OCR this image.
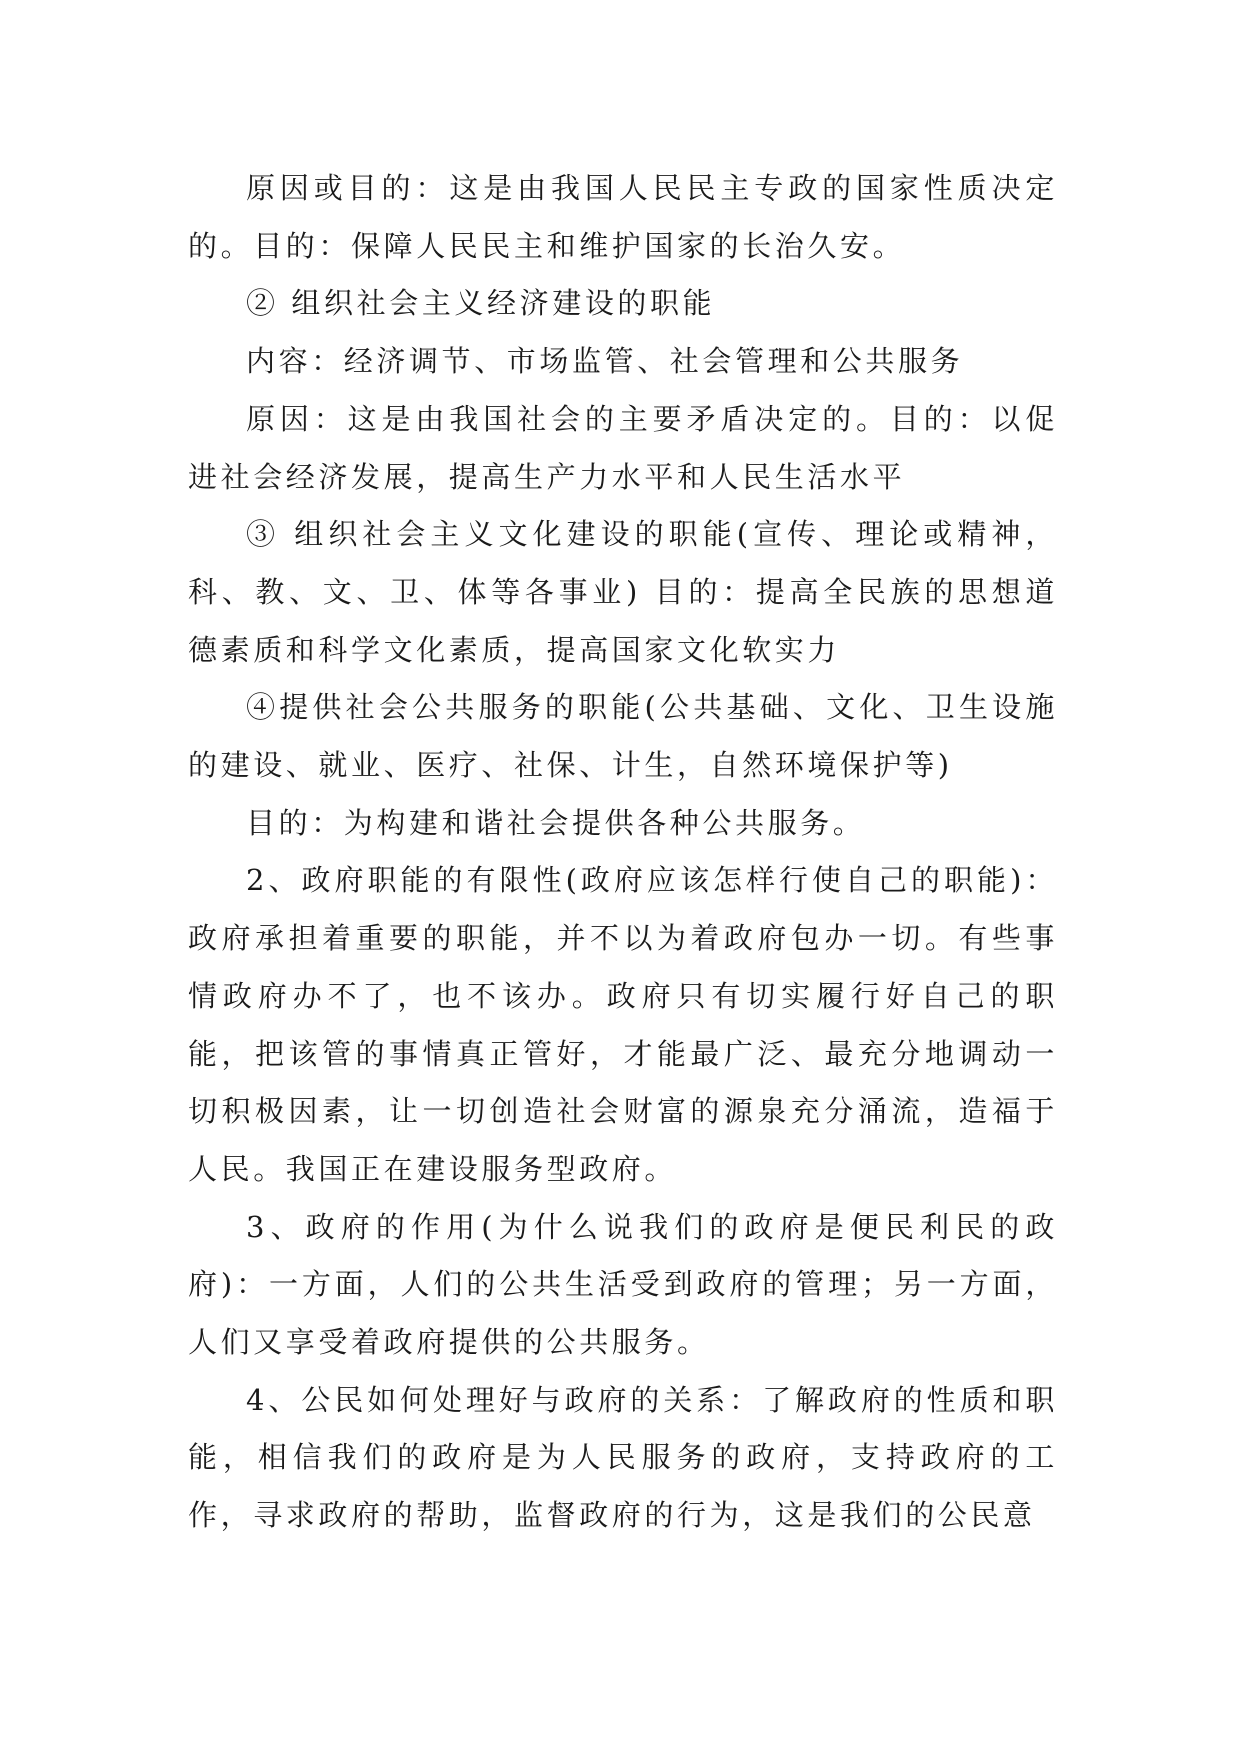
原因或目的：这是由我国人民民主专政的国家性质决定的。目的：保障人民民主和维护国家的长治久安。

② 组织社会主义经济建设的职能

内容：经济调节、市场监管、社会管理和公共服务

原因：这是由我国社会的主要矛盾决定的。目的：以促进社会经济发展，提高生产力水平和人民生活水平

③ 组织社会主义文化建设的职能(宣传、理论或精神，科、教、文、卫、体等各事业) 目的：提高全民族的思想道德素质和科学文化素质，提高国家文化软实力

④提供社会公共服务的职能(公共基础、文化、卫生设施的建设、就业、医疗、社保、计生，自然环境保护等)

目的：为构建和谐社会提供各种公共服务。

2、政府职能的有限性(政府应该怎样行使自己的职能)：政府承担着重要的职能，并不以为着政府包办一切。有些事情政府办不了，也不该办。政府只有切实履行好自己的职能，把该管的事情真正管好，才能最广泛、最充分地调动一切积极因素，让一切创造社会财富的源泉充分涌流，造福于人民。我国正在建设服务型政府。

3、政府的作用(为什么说我们的政府是便民利民的政府)：一方面，人们的公共生活受到政府的管理；另一方面，人们又享受着政府提供的公共服务。

4、公民如何处理好与政府的关系：了解政府的性质和职能，相信我们的政府是为人民服务的政府，支持政府的工作，寻求政府的帮助，监督政府的行为，这是我们的公民意
